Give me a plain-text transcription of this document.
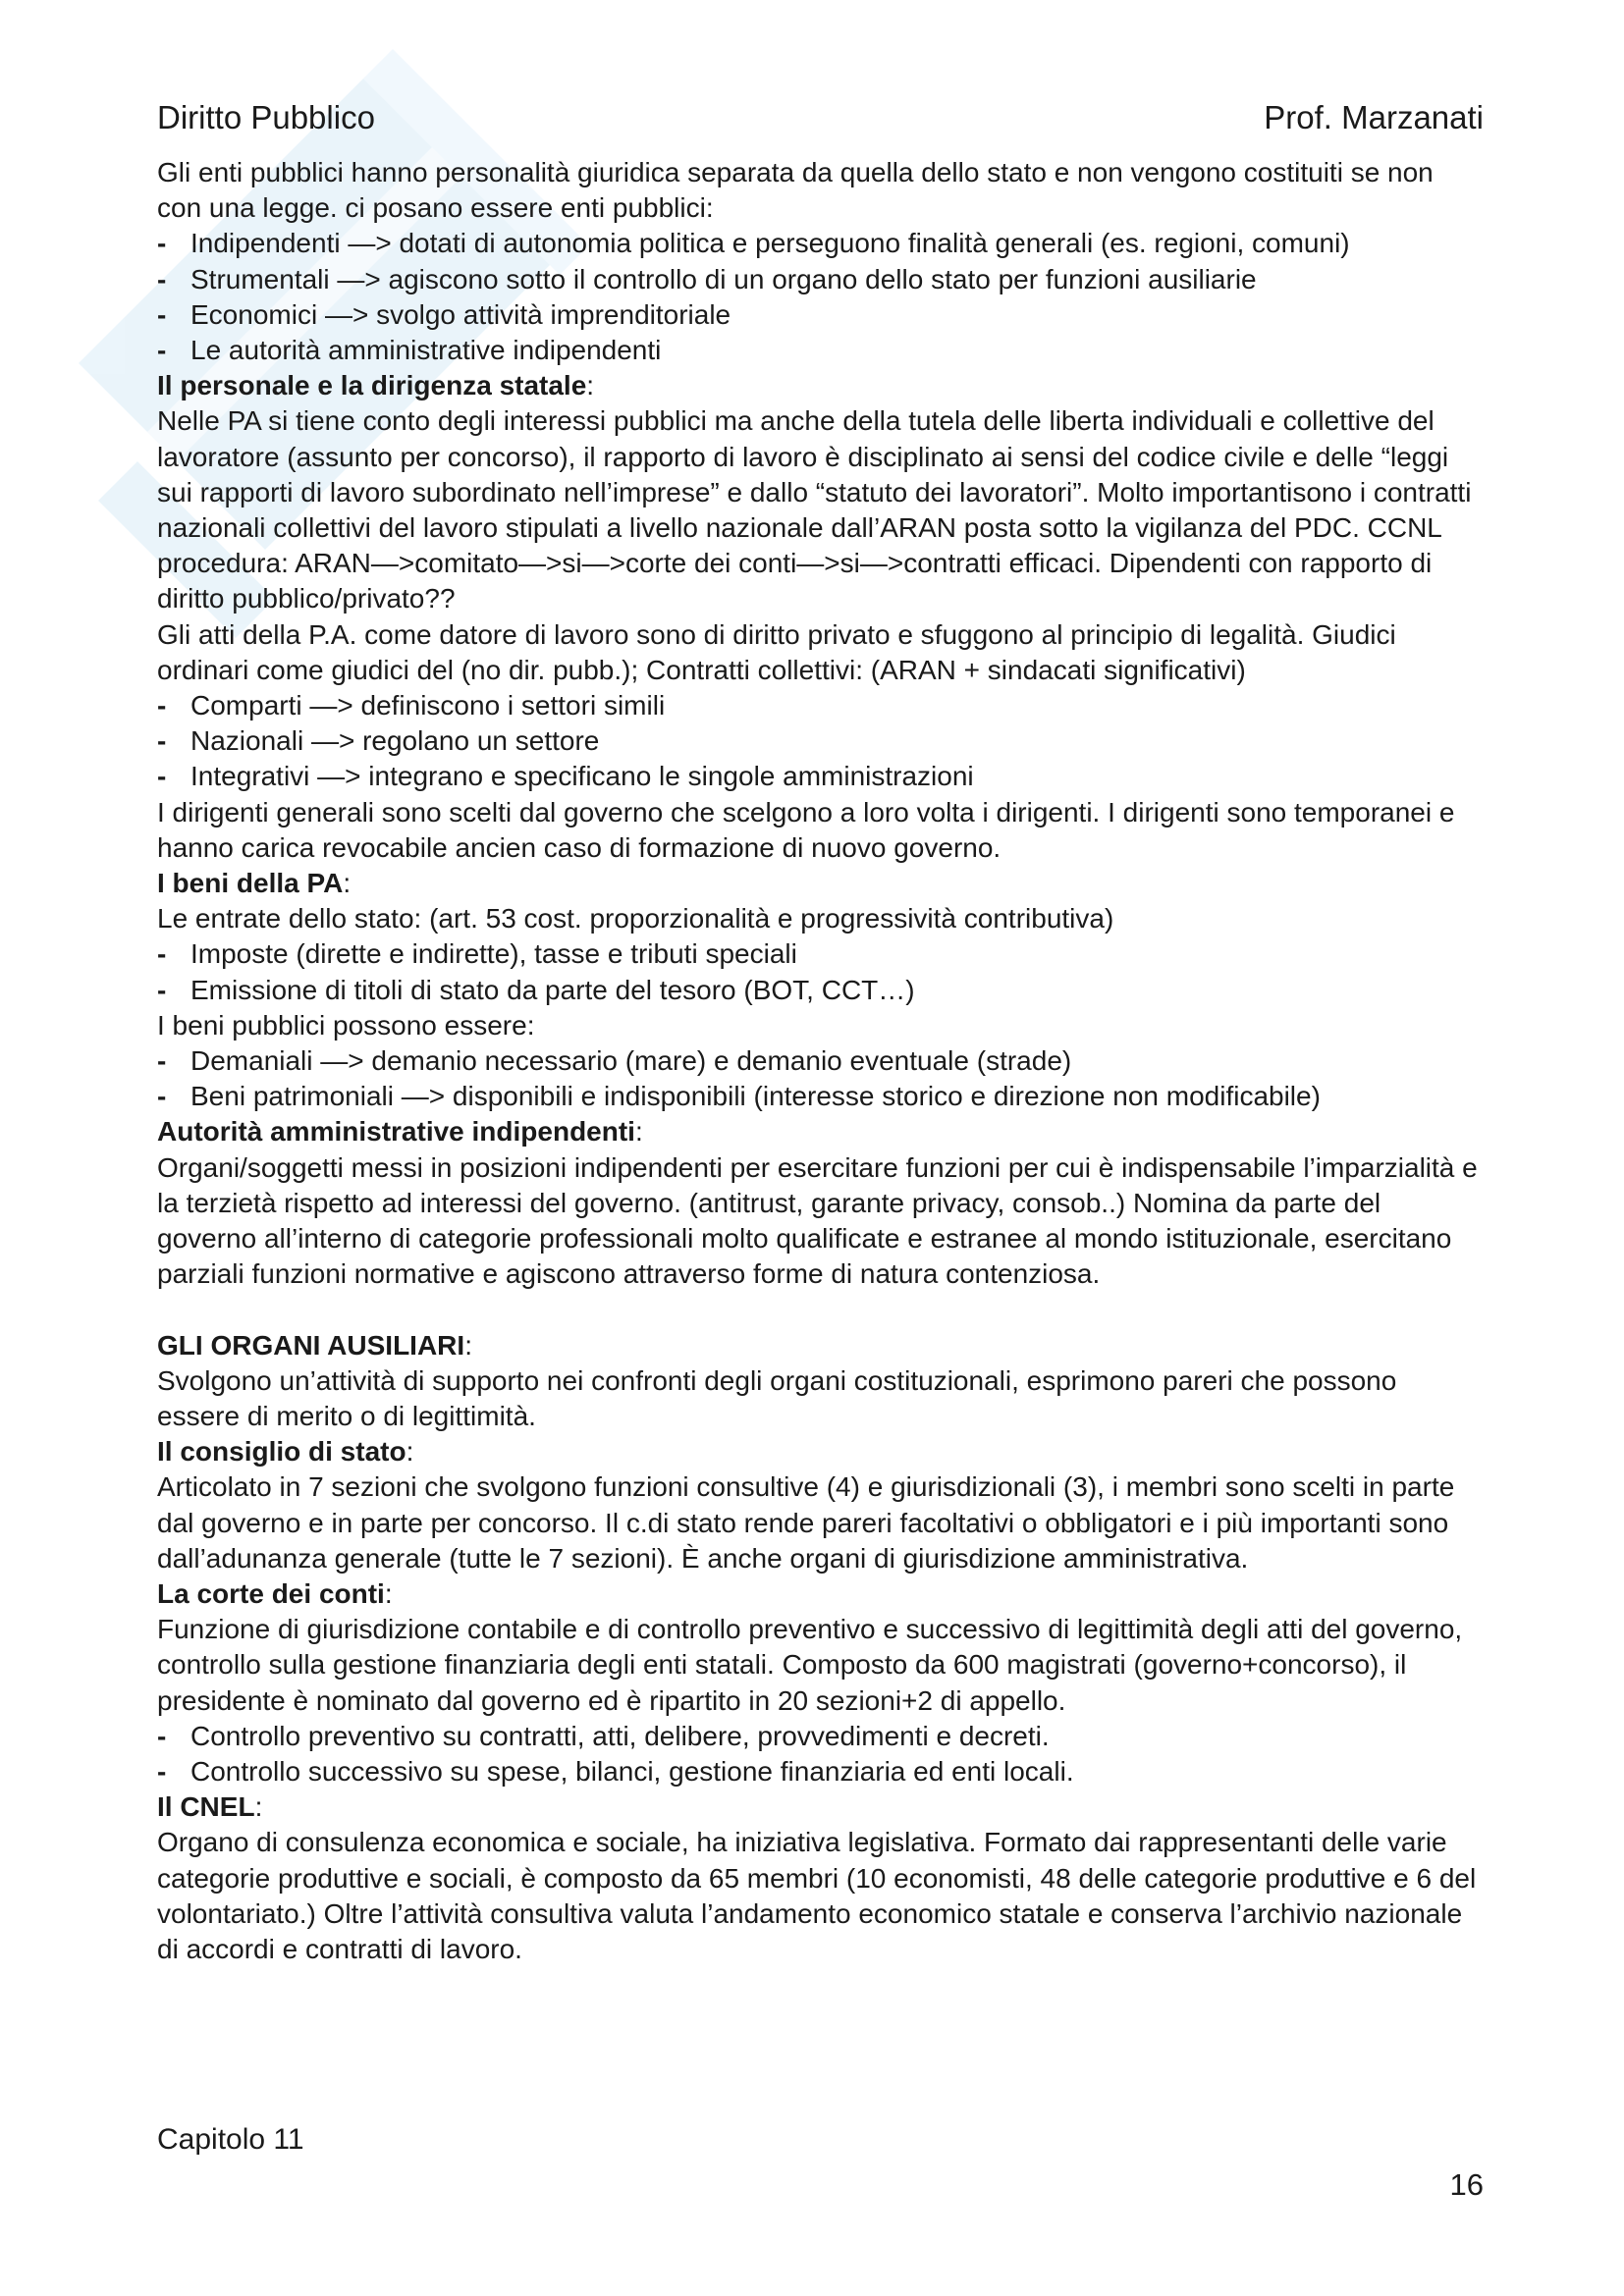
Diritto Pubblico	Prof. Marzanati

Gli enti pubblici hanno personalità giuridica separata da quella dello stato e non vengono costituiti se non con una legge. ci posano essere enti pubblici:

- Indipendenti —> dotati di autonomia politica e perseguono finalità generali (es. regioni, comuni)
- Strumentali —> agiscono sotto il controllo di un organo dello stato per funzioni ausiliarie
- Economici —> svolgo attività imprenditoriale
- Le autorità amministrative indipendenti

Il personale e la dirigenza statale:

Nelle PA si tiene conto degli interessi pubblici ma anche della tutela delle liberta individuali e collettive del lavoratore (assunto per concorso), il rapporto di lavoro è disciplinato ai sensi del codice civile e delle “leggi sui rapporti di lavoro subordinato nell’imprese” e dallo “statuto dei lavoratori”. Molto importantisono i contratti nazionali collettivi del lavoro stipulati a livello nazionale dall’ARAN posta sotto la vigilanza del PDC. CCNL procedura: ARAN—>comitato—>si—>corte dei conti—>si—>contratti efficaci. Dipendenti con rapporto di diritto pubblico/privato??

Gli atti della P.A. come datore di lavoro sono di diritto privato e sfuggono al principio di legalità. Giudici ordinari come giudici del (no dir. pubb.); Contratti collettivi: (ARAN + sindacati significativi)

- Comparti —> definiscono i settori simili
- Nazionali —> regolano un settore
- Integrativi —> integrano e specificano le singole amministrazioni

I dirigenti generali sono scelti dal governo che scelgono a loro volta i dirigenti. I dirigenti sono temporanei e hanno carica revocabile ancien caso di formazione di nuovo governo.

I beni della PA:

Le entrate dello stato: (art. 53 cost. proporzionalità e progressività contributiva)

- Imposte (dirette e indirette), tasse e tributi speciali
- Emissione di titoli di stato da parte del tesoro (BOT, CCT…)

I beni pubblici possono essere:

- Demaniali —> demanio necessario (mare) e demanio eventuale (strade)
- Beni patrimoniali —> disponibili e indisponibili (interesse storico e direzione non modificabile)

Autorità amministrative indipendenti:

Organi/soggetti messi in posizioni indipendenti per esercitare funzioni per cui è indispensabile l’imparzialità e la terzietà rispetto ad interessi del governo. (antitrust, garante privacy, consob..) Nomina da parte del governo all’interno di categorie professionali molto qualificate e estranee al mondo istituzionale, esercitano parziali funzioni normative e agiscono attraverso forme di natura contenziosa.

GLI ORGANI AUSILIARI:

Svolgono un’attività di supporto nei confronti degli organi costituzionali, esprimono pareri che possono essere di merito o di legittimità.

Il consiglio di stato:

Articolato in 7 sezioni che svolgono funzioni consultive (4) e giurisdizionali (3), i membri sono scelti in parte dal governo e in parte per concorso. Il c.di stato rende pareri facoltativi o obbligatori e i più importanti sono dall’adunanza generale (tutte le 7 sezioni). È anche organi di giurisdizione amministrativa.

La corte dei conti:

Funzione di giurisdizione contabile e di controllo preventivo e successivo di legittimità degli atti del governo, controllo sulla gestione finanziaria degli enti statali. Composto da 600 magistrati (governo+concorso), il presidente è nominato dal governo ed è ripartito in 20 sezioni+2 di appello.

- Controllo preventivo su contratti, atti, delibere, provvedimenti e decreti.
- Controllo successivo su spese, bilanci, gestione finanziaria ed enti locali.

Il CNEL:

Organo di consulenza economica e sociale, ha iniziativa legislativa. Formato dai rappresentanti delle varie categorie produttive e sociali, è composto da 65 membri (10 economisti, 48 delle categorie produttive e 6 del volontariato.) Oltre l’attività consultiva valuta l’andamento economico statale e conserva l’archivio nazionale di accordi e contratti di lavoro.

Capitolo 11
16
